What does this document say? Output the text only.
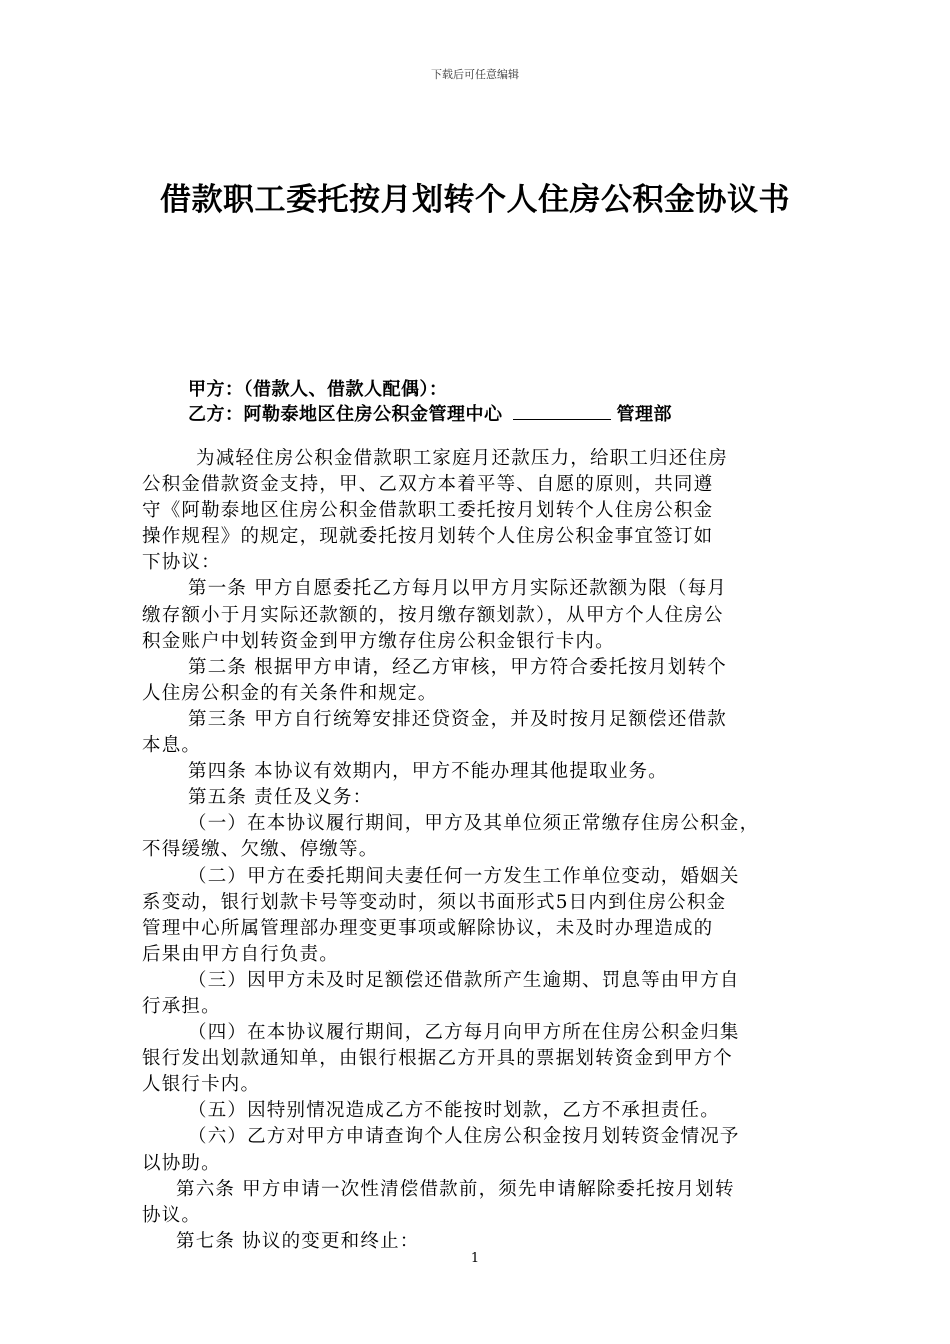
下载后可任意编辑
借款职工委托按月划转个人住房公积金协议书
甲方：（借款人、借款人配偶）：
乙方：阿勒泰地区住房公积金管理中心	管理部
为减轻住房公积金借款职工家庭月还款压力，给职工归还住房
公积金借款资金支持，甲、乙双方本着平等、自愿的原则，共同遵
守《阿勒泰地区住房公积金借款职工委托按月划转个人住房公积金
操作规程》的规定，现就委托按月划转个人住房公积金事宜签订如
下协议：
第一条 甲方自愿委托乙方每月以甲方月实际还款额为限（每月
缴存额小于月实际还款额的，按月缴存额划款），从甲方个人住房公
积金账户中划转资金到甲方缴存住房公积金银行卡内。
第二条 根据甲方申请，经乙方审核，甲方符合委托按月划转个
人住房公积金的有关条件和规定。
第三条 甲方自行统筹安排还贷资金，并及时按月足额偿还借款
本息。
第四条 本协议有效期内，甲方不能办理其他提取业务。
第五条 责任及义务：
（一）在本协议履行期间，甲方及其单位须正常缴存住房公积金，
不得缓缴、欠缴、停缴等。
（二）甲方在委托期间夫妻任何一方发生工作单位变动，婚姻关
系变动，银行划款卡号等变动时，须以书面形式5日内到住房公积金
管理中心所属管理部办理变更事项或解除协议，未及时办理造成的
后果由甲方自行负责。
（三）因甲方未及时足额偿还借款所产生逾期、罚息等由甲方自
行承担。
（四）在本协议履行期间，乙方每月向甲方所在住房公积金归集
银行发出划款通知单，由银行根据乙方开具的票据划转资金到甲方个
人银行卡内。
（五）因特别情况造成乙方不能按时划款，乙方不承担责任。
（六）乙方对甲方申请查询个人住房公积金按月划转资金情况予
以协助。
第六条 甲方申请一次性清偿借款前，须先申请解除委托按月划转
协议。
第七条 协议的变更和终止：
1
